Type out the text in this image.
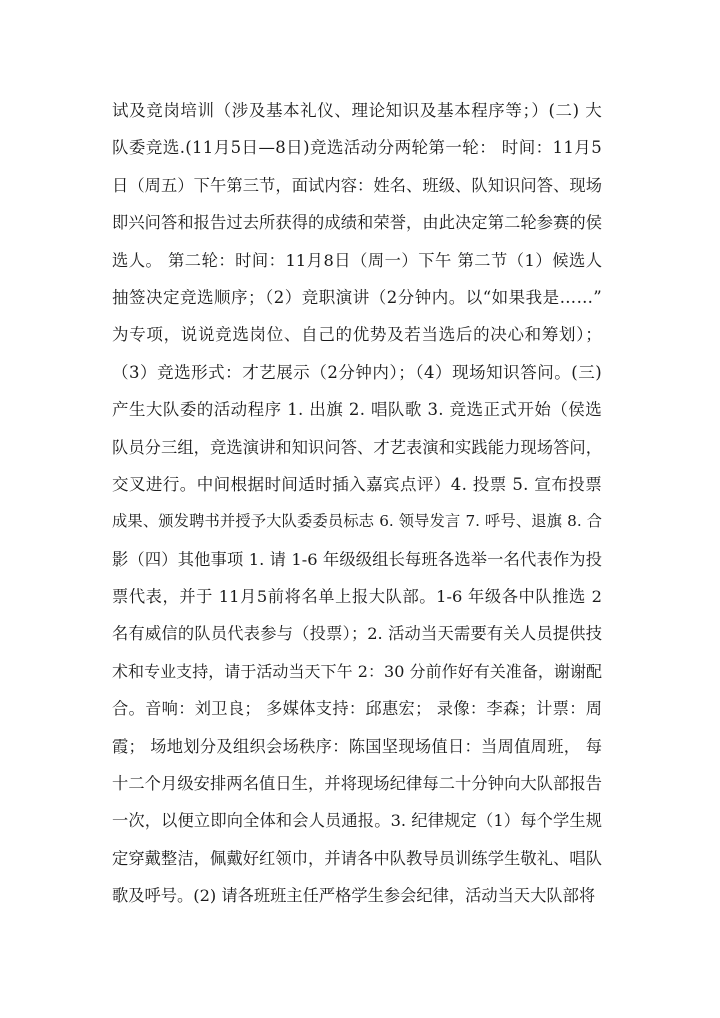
试及竞岗培训（涉及基本礼仪、理论知识及基本程序等；）(二) 大
队委竞选.(11月5日—8日)竞选活动分两轮第一轮： 时间：11月5
日（周五）下午第三节，面试内容：姓名、班级、队知识问答、现场
即兴问答和报告过去所获得的成绩和荣誉，由此决定第二轮参赛的侯
选人。 第二轮：时间：11月8日（周一）下午 第二节（1）候选人
抽签决定竞选顺序；（2）竞职演讲（2分钟内。以“如果我是……”
为专项，说说竞选岗位、自己的优势及若当选后的决心和筹划）；
（3）竞选形式：才艺展示（2分钟内）；（4）现场知识答问。(三)
产生大队委的活动程序 1. 出旗 2. 唱队歌 3. 竞选正式开始（侯选
队员分三组，竞选演讲和知识问答、才艺表演和实践能力现场答问，
交叉进行。中间根据时间适时插入嘉宾点评）4. 投票 5. 宣布投票
成果、颁发聘书并授予大队委委员标志 6. 领导发言 7. 呼号、退旗 8. 合
影（四）其他事项 1. 请 1-6 年级级组长每班各选举一名代表作为投
票代表，并于 11月5前将名单上报大队部。1-6 年级各中队推选 2
名有威信的队员代表参与（投票）；2. 活动当天需要有关人员提供技
术和专业支持，请于活动当天下午 2：30 分前作好有关准备，谢谢配
合。音响：刘卫良； 多媒体支持：邱惠宏； 录像：李森；计票：周
霞； 场地划分及组织会场秩序：陈国坚现场值日：当周值周班， 每
十二个月级安排两名值日生，并将现场纪律每二十分钟向大队部报告
一次，以便立即向全体和会人员通报。3. 纪律规定（1）每个学生规
定穿戴整洁，佩戴好红领巾，并请各中队教导员训练学生敬礼、唱队
歌及呼号。(2) 请各班班主任严格学生参会纪律，活动当天大队部将
